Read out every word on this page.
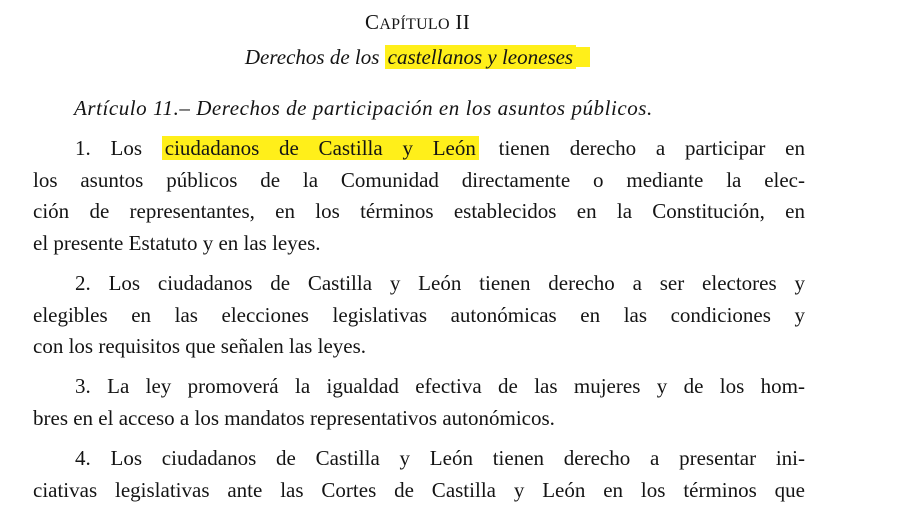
CAPÍTULO II
Derechos de los castellanos y leoneses
Artículo 11.– Derechos de participación en los asuntos públicos.
1. Los ciudadanos de Castilla y León tienen derecho a participar en
los asuntos públicos de la Comunidad directamente o mediante la elec-
ción de representantes, en los términos establecidos en la Constitución, en
el presente Estatuto y en las leyes.
2. Los ciudadanos de Castilla y León tienen derecho a ser electores y
elegibles en las elecciones legislativas autonómicas en las condiciones y
con los requisitos que señalen las leyes.
3. La ley promoverá la igualdad efectiva de las mujeres y de los hom-
bres en el acceso a los mandatos representativos autonómicos.
4. Los ciudadanos de Castilla y León tienen derecho a presentar ini-
ciativas legislativas ante las Cortes de Castilla y León en los términos que
